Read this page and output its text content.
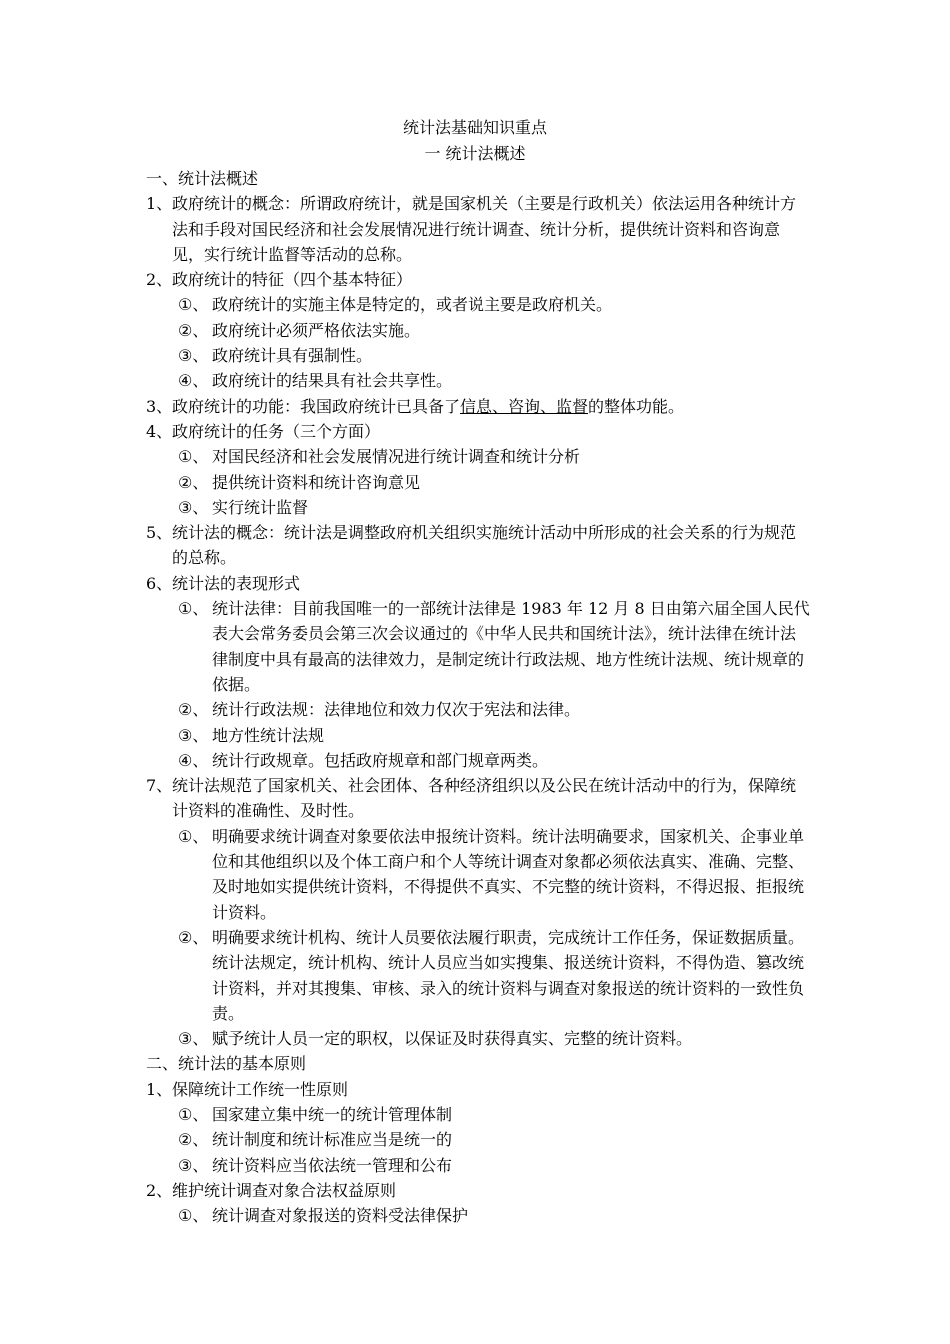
统计法基础知识重点
一 统计法概述
一、统计法概述
1、 政府统计的概念：所谓政府统计，就是国家机关（主要是行政机关）依法运用各种统计方法和手段对国民经济和社会发展情况进行统计调查、统计分析，提供统计资料和咨询意见，实行统计监督等活动的总称。
2、 政府统计的特征（四个基本特征）
①、 政府统计的实施主体是特定的，或者说主要是政府机关。
②、 政府统计必须严格依法实施。
③、 政府统计具有强制性。
④、 政府统计的结果具有社会共享性。
3、 政府统计的功能：我国政府统计已具备了信息、咨询、监督的整体功能。
4、 政府统计的任务（三个方面）
①、 对国民经济和社会发展情况进行统计调查和统计分析
②、 提供统计资料和统计咨询意见
③、 实行统计监督
5、 统计法的概念：统计法是调整政府机关组织实施统计活动中所形成的社会关系的行为规范的总称。
6、 统计法的表现形式
①、 统计法律：目前我国唯一的一部统计法律是 1983 年 12 月 8 日由第六届全国人民代表大会常务委员会第三次会议通过的《中华人民共和国统计法》，统计法律在统计法律制度中具有最高的法律效力，是制定统计行政法规、地方性统计法规、统计规章的依据。
②、 统计行政法规：法律地位和效力仅次于宪法和法律。
③、 地方性统计法规
④、 统计行政规章。包括政府规章和部门规章两类。
7、 统计法规范了国家机关、社会团体、各种经济组织以及公民在统计活动中的行为，保障统计资料的准确性、及时性。
①、 明确要求统计调查对象要依法申报统计资料。统计法明确要求，国家机关、企事业单位和其他组织以及个体工商户和个人等统计调查对象都必须依法真实、准确、完整、及时地如实提供统计资料，不得提供不真实、不完整的统计资料，不得迟报、拒报统计资料。
②、 明确要求统计机构、统计人员要依法履行职责，完成统计工作任务，保证数据质量。统计法规定，统计机构、统计人员应当如实搜集、报送统计资料，不得伪造、篡改统计资料，并对其搜集、审核、录入的统计资料与调查对象报送的统计资料的一致性负责。
③、 赋予统计人员一定的职权，以保证及时获得真实、完整的统计资料。
二、统计法的基本原则
1、 保障统计工作统一性原则
①、 国家建立集中统一的统计管理体制
②、 统计制度和统计标准应当是统一的
③、 统计资料应当依法统一管理和公布
2、 维护统计调查对象合法权益原则
①、 统计调查对象报送的资料受法律保护
